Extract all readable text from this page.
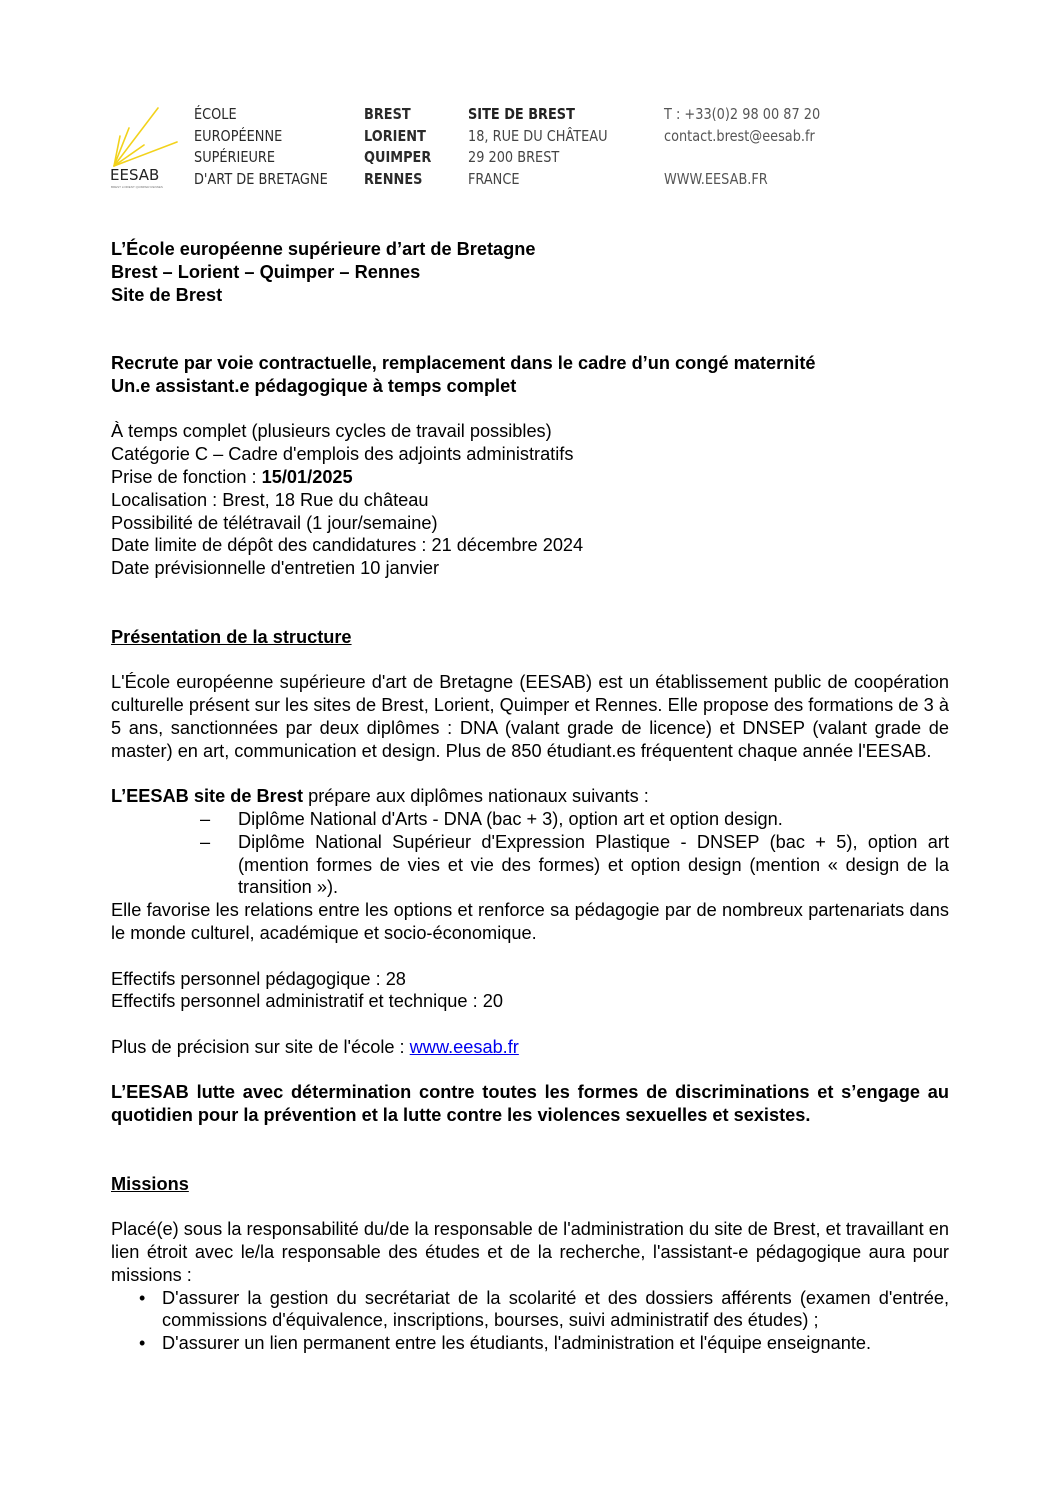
EESAB
BREST LORIENT QUIMPER RENNES
ÉCOLE
EUROPÉENNE
SUPÉRIEURE
D'ART DE BRETAGNE
BREST
LORIENT
QUIMPER
RENNES
SITE DE BREST
18, RUE DU CHÂTEAU
29 200 BREST
FRANCE
T : +33(0)2 98 00 87 20
contact.brest@eesab.fr
WWW.EESAB.FR

L’École européenne supérieure d’art de Bretagne

Brest – Lorient – Quimper – Rennes

Site de Brest

Recrute par voie contractuelle, remplacement dans le cadre d’un congé maternité

Un.e assistant.e pédagogique à temps complet

À temps complet (plusieurs cycles de travail possibles)

Catégorie C – Cadre d'emplois des adjoints administratifs

Prise de fonction : 15/01/2025

Localisation : Brest, 18 Rue du château

Possibilité de télétravail (1 jour/semaine)

Date limite de dépôt des candidatures : 21 décembre 2024

Date prévisionnelle d'entretien 10 janvier

Présentation de la structure

L'École européenne supérieure d'art de Bretagne (EESAB) est un établissement public de coopération culturelle présent sur les sites de Brest, Lorient, Quimper et Rennes. Elle propose des formations de 3 à 5 ans, sanctionnées par deux diplômes : DNA (valant grade de licence) et DNSEP (valant grade de master) en art, communication et design. Plus de 850 étudiant.es fréquentent chaque année l'EESAB.

L’EESAB site de Brest prépare aux diplômes nationaux suivants :

– Diplôme National d'Arts - DNA (bac + 3), option art et option design.
– Diplôme National Supérieur d'Expression Plastique - DNSEP (bac + 5), option art (mention formes de vies et vie des formes) et option design (mention « design de la transition »).

Elle favorise les relations entre les options et renforce sa pédagogie par de nombreux partenariats dans le monde culturel, académique et socio-économique.

Effectifs personnel pédagogique : 28

Effectifs personnel administratif et technique : 20

Plus de précision sur site de l'école : www.eesab.fr

L’EESAB lutte avec détermination contre toutes les formes de discriminations et s’engage au quotidien pour la prévention et la lutte contre les violences sexuelles et sexistes.

Missions

Placé(e) sous la responsabilité du/de la responsable de l'administration du site de Brest, et travaillant en lien étroit avec le/la responsable des études et de la recherche, l'assistant-e pédagogique aura pour missions :

• D'assurer la gestion du secrétariat de la scolarité et des dossiers afférents (examen d'entrée, commissions d'équivalence, inscriptions, bourses, suivi administratif des études) ;
• D'assurer un lien permanent entre les étudiants, l'administration et l'équipe enseignante.
